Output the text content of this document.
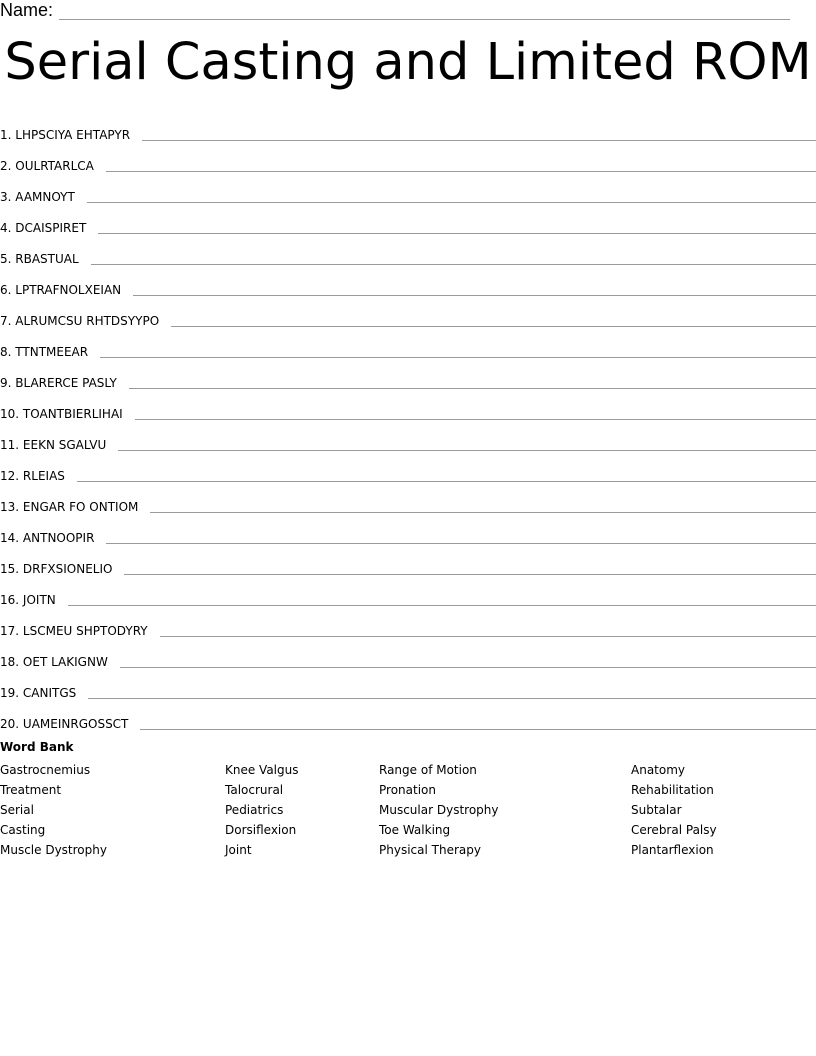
Name:
Serial Casting and Limited ROM
1. LHPSCIYA EHTAPYR
2. OULRTARLCA
3. AAMNOYT
4. DCAISPIRET
5. RBASTUAL
6. LPTRAFNOLXEIAN
7. ALRUMCSU RHTDSYYPO
8. TTNTMEEAR
9. BLARERCE PASLY
10. TOANTBIERLIHAI
11. EEKN SGALVU
12. RLEIAS
13. ENGAR FO ONTIOM
14. ANTNOOPIR
15. DRFXSIONELIO
16. JOITN
17. LSCMEU SHPTODYRY
18. OET LAKIGNW
19. CANITGS
20. UAMEINRGOSSCT
Word Bank
Gastrocnemius
Treatment
Serial
Casting
Muscle Dystrophy
Knee Valgus
Talocrural
Pediatrics
Dorsiflexion
Joint
Range of Motion
Pronation
Muscular Dystrophy
Toe Walking
Physical Therapy
Anatomy
Rehabilitation
Subtalar
Cerebral Palsy
Plantarflexion
